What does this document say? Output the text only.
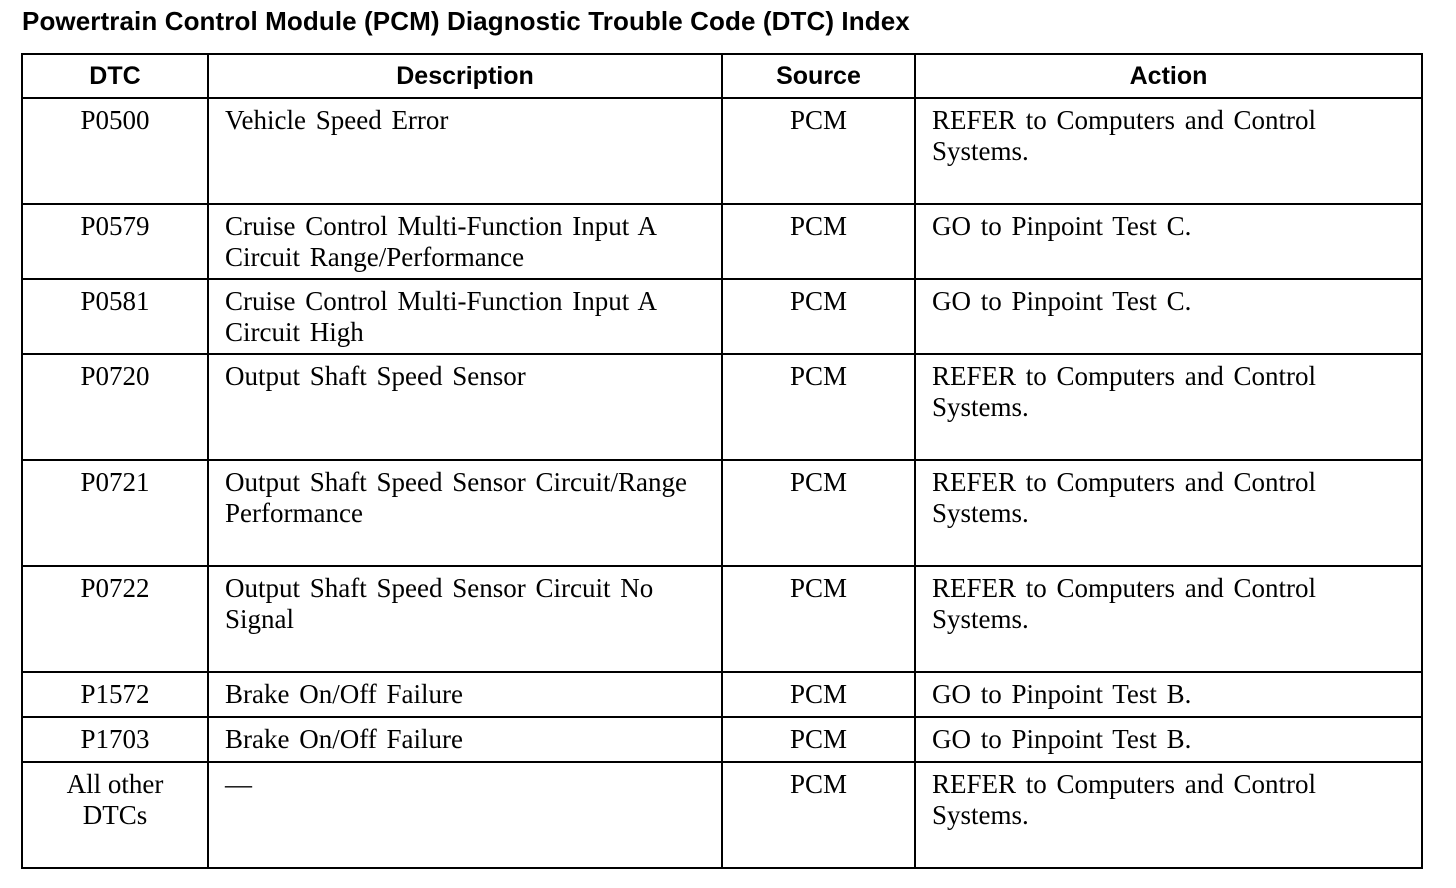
Powertrain Control Module (PCM) Diagnostic Trouble Code (DTC) Index
DTC	Description	Source	Action

P0500	Vehicle Speed Error	PCM	REFER to Computers and Control Systems.

P0579	Cruise Control Multi-Function Input A Circuit Range/Performance	PCM	GO to Pinpoint Test C.

P0581	Cruise Control Multi-Function Input A Circuit High	PCM	GO to Pinpoint Test C.

P0720	Output Shaft Speed Sensor	PCM	REFER to Computers and Control Systems.

P0721	Output Shaft Speed Sensor Circuit/Range Performance	PCM	REFER to Computers and Control Systems.

P0722	Output Shaft Speed Sensor Circuit No Signal	PCM	REFER to Computers and Control Systems.

P1572	Brake On/Off Failure	PCM	GO to Pinpoint Test B.

P1703	Brake On/Off Failure	PCM	GO to Pinpoint Test B.

All other DTCs	—	PCM	REFER to Computers and Control Systems.
